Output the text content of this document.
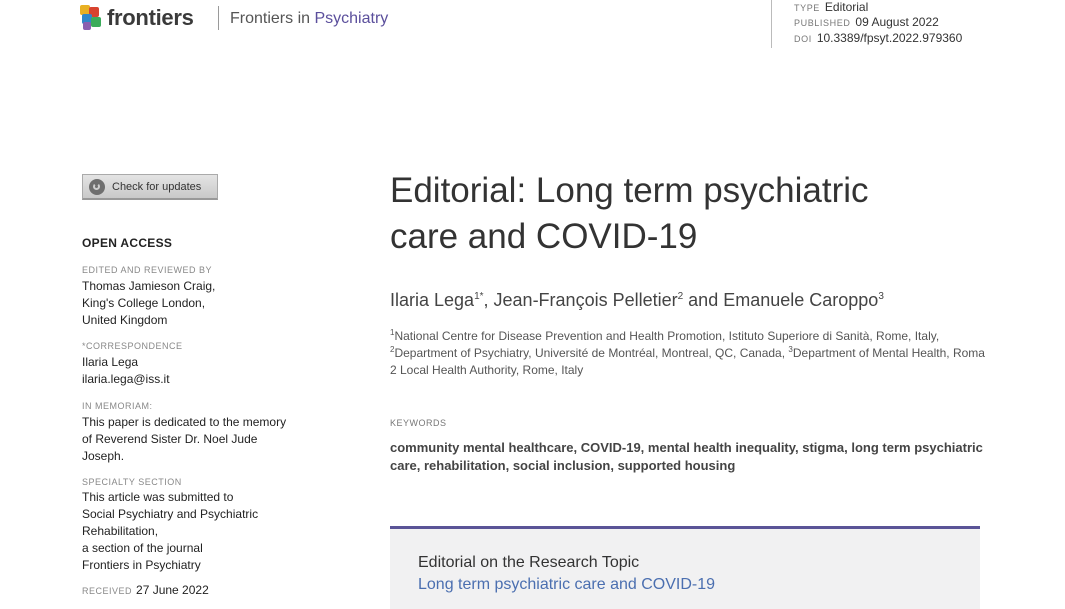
frontiers Frontiers in Psychiatry
TYPE Editorial
PUBLISHED 09 August 2022
DOI 10.3389/fpsyt.2022.979360
Check for updates
OPEN ACCESS
EDITED AND REVIEWED BY
Thomas Jamieson Craig,
King's College London,
United Kingdom
*CORRESPONDENCE
Ilaria Lega
ilaria.lega@iss.it
IN MEMORIAM:
This paper is dedicated to the memory
of Reverend Sister Dr. Noel Jude
Joseph.
SPECIALTY SECTION
This article was submitted to
Social Psychiatry and Psychiatric
Rehabilitation,
a section of the journal
Frontiers in Psychiatry
RECEIVED 27 June 2022
Editorial: Long term psychiatric
care and COVID-19
Ilaria Lega$^{1*}$, Jean-François Pelletier$^2$ and Emanuele Caroppo$^3$
$^1$National Centre for Disease Prevention and Health Promotion, Istituto Superiore di Sanità, Rome, Italy, $^2$Department of Psychiatry, Université de Montréal, Montreal, QC, Canada, $^3$Department of Mental Health, Roma 2 Local Health Authority, Rome, Italy
KEYWORDS
community mental healthcare, COVID-19, mental health inequality, stigma, long term psychiatric care, rehabilitation, social inclusion, supported housing
Editorial on the Research Topic
Long term psychiatric care and COVID-19
